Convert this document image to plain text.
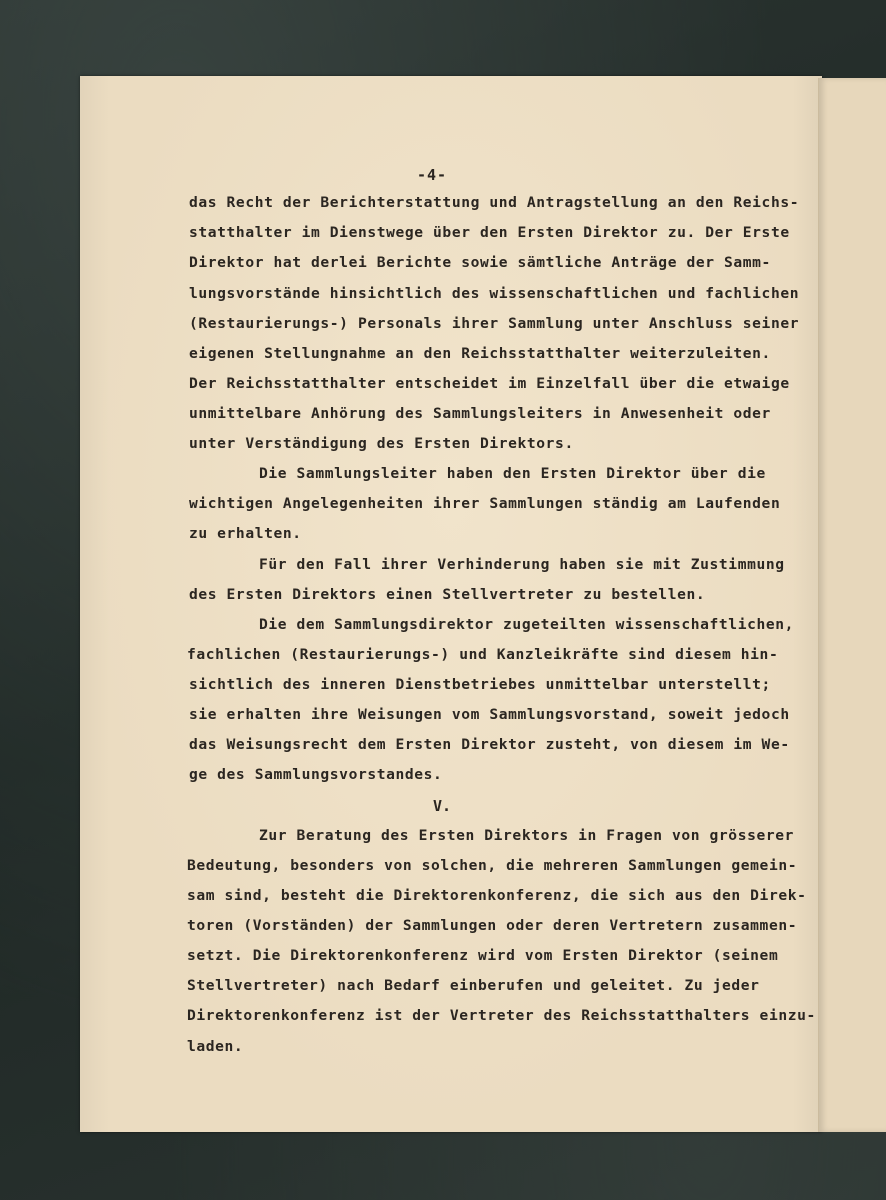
-4-
das Recht der Berichterstattung und Antragstellung an den Reichs-
statthalter im Dienstwege über den Ersten Direktor zu. Der Erste
Direktor hat derlei Berichte sowie sämtliche Anträge der Samm-
lungsvorstände hinsichtlich des wissenschaftlichen und fachlichen
(Restaurierungs-) Personals ihrer Sammlung unter Anschluss seiner
eigenen Stellungnahme an den Reichsstatthalter weiterzuleiten.
Der Reichsstatthalter entscheidet im Einzelfall über die etwaige
unmittelbare Anhörung des Sammlungsleiters in Anwesenheit oder
unter Verständigung des Ersten Direktors.
Die Sammlungsleiter haben den Ersten Direktor über die
wichtigen Angelegenheiten ihrer Sammlungen ständig am Laufenden
zu erhalten.
Für den Fall ihrer Verhinderung haben sie mit Zustimmung
des Ersten Direktors einen Stellvertreter zu bestellen.
Die dem Sammlungsdirektor zugeteilten wissenschaftlichen,
fachlichen (Restaurierungs-) und Kanzleikräfte sind diesem hin-
sichtlich des inneren Dienstbetriebes unmittelbar unterstellt;
sie erhalten ihre Weisungen vom Sammlungsvorstand, soweit jedoch
das Weisungsrecht dem Ersten Direktor zusteht, von diesem im We-
ge des Sammlungsvorstandes.
V.
Zur Beratung des Ersten Direktors in Fragen von grösserer
Bedeutung, besonders von solchen, die mehreren Sammlungen gemein-
sam sind, besteht die Direktorenkonferenz, die sich aus den Direk-
toren (Vorständen) der Sammlungen oder deren Vertretern zusammen-
setzt. Die Direktorenkonferenz wird vom Ersten Direktor (seinem
Stellvertreter) nach Bedarf einberufen und geleitet. Zu jeder
Direktorenkonferenz ist der Vertreter des Reichsstatthalters einzu-
laden.
